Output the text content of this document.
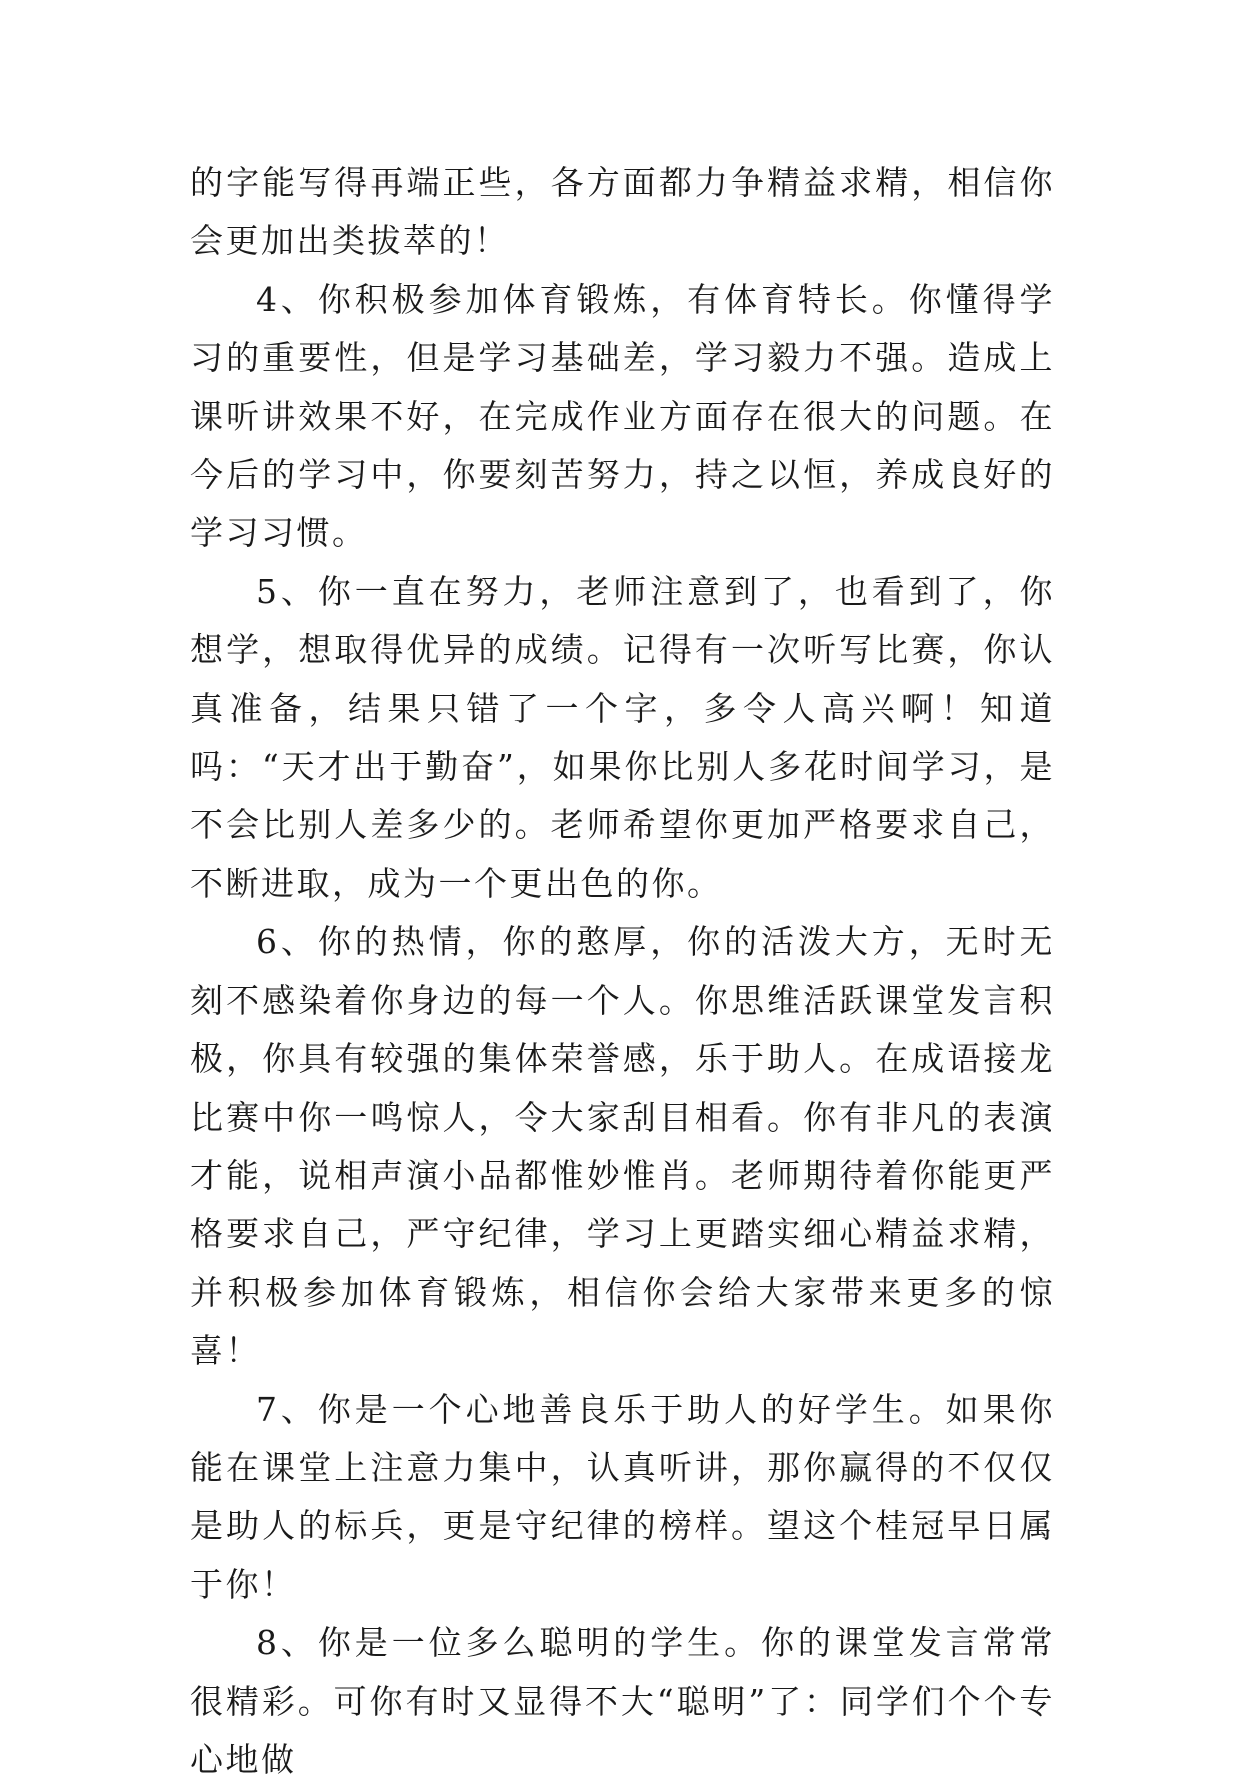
的字能写得再端正些，各方面都力争精益求精，相信你会更加出类拔萃的！

4、你积极参加体育锻炼，有体育特长。你懂得学习的重要性，但是学习基础差，学习毅力不强。造成上课听讲效果不好，在完成作业方面存在很大的问题。在今后的学习中，你要刻苦努力，持之以恒，养成良好的学习习惯。

5、你一直在努力，老师注意到了，也看到了，你想学，想取得优异的成绩。记得有一次听写比赛，你认真准备，结果只错了一个字，多令人高兴啊！知道吗：“天才出于勤奋”，如果你比别人多花时间学习，是不会比别人差多少的。老师希望你更加严格要求自己，不断进取，成为一个更出色的你。

6、你的热情，你的憨厚，你的活泼大方，无时无刻不感染着你身边的每一个人。你思维活跃课堂发言积极，你具有较强的集体荣誉感，乐于助人。在成语接龙比赛中你一鸣惊人，令大家刮目相看。你有非凡的表演才能，说相声演小品都惟妙惟肖。老师期待着你能更严格要求自己，严守纪律，学习上更踏实细心精益求精，并积极参加体育锻炼，相信你会给大家带来更多的惊喜！

7、你是一个心地善良乐于助人的好学生。如果你能在课堂上注意力集中，认真听讲，那你赢得的不仅仅是助人的标兵，更是守纪律的榜样。望这个桂冠早日属于你！

8、你是一位多么聪明的学生。你的课堂发言常常很精彩。可你有时又显得不大“聪明”了：同学们个个专心地做
